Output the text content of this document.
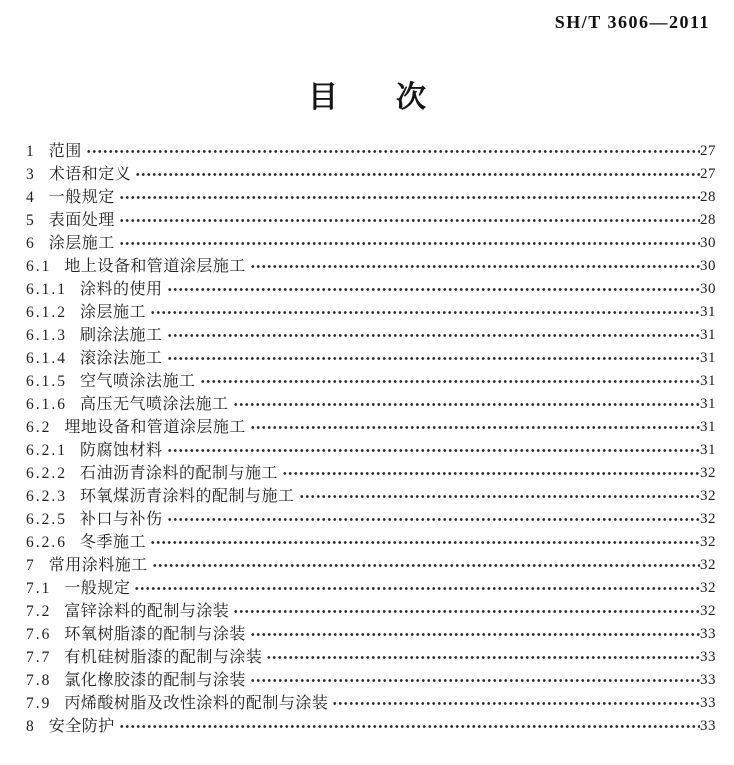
SH/T 3606—2011
目　次
1 范围	27
3 术语和定义	27
4 一般规定	28
5 表面处理	28
6 涂层施工	30
6.1 地上设备和管道涂层施工	30
6.1.1 涂料的使用	30
6.1.2 涂层施工	31
6.1.3 刷涂法施工	31
6.1.4 滚涂法施工	31
6.1.5 空气喷涂法施工	31
6.1.6 高压无气喷涂法施工	31
6.2 埋地设备和管道涂层施工	31
6.2.1 防腐蚀材料	31
6.2.2 石油沥青涂料的配制与施工	32
6.2.3 环氧煤沥青涂料的配制与施工	32
6.2.5 补口与补伤	32
6.2.6 冬季施工	32
7 常用涂料施工	32
7.1 一般规定	32
7.2 富锌涂料的配制与涂装	32
7.6 环氧树脂漆的配制与涂装	33
7.7 有机硅树脂漆的配制与涂装	33
7.8 氯化橡胶漆的配制与涂装	33
7.9 丙烯酸树脂及改性涂料的配制与涂装	33
8 安全防护	33
